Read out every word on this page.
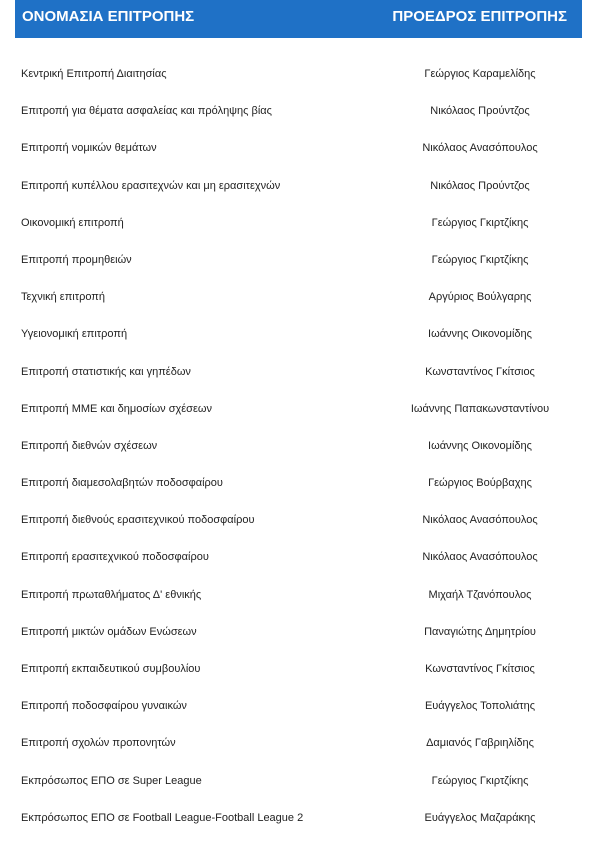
ΟΝΟΜΑΣΙΑ ΕΠΙΤΡΟΠΗΣ	ΠΡΟΕΔΡΟΣ ΕΠΙΤΡΟΠΗΣ
Κεντρική Επιτροπή Διαιτησίας	Γεώργιος Καραμελίδης
Επιτροπή για θέματα ασφαλείας και πρόληψης βίας	Νικόλαος Προύντζος
Επιτροπή νομικών θεμάτων	Νικόλαος Ανασόπουλος
Επιτροπή κυπέλλου ερασιτεχνών και μη ερασιτεχνών	Νικόλαος Προύντζος
Οικονομική επιτροπή	Γεώργιος Γκιρτζίκης
Επιτροπή προμηθειών	Γεώργιος Γκιρτζίκης
Τεχνική επιτροπή	Αργύριος Βούλγαρης
Υγειονομική επιτροπή	Ιωάννης Οικονομίδης
Επιτροπή στατιστικής και γηπέδων	Κωνσταντίνος Γκίτσιος
Επιτροπή ΜΜΕ και δημοσίων σχέσεων	Ιωάννης Παπακωνσταντίνου
Επιτροπή διεθνών σχέσεων	Ιωάννης Οικονομίδης
Επιτροπή διαμεσολαβητών ποδοσφαίρου	Γεώργιος Βούρβαχης
Επιτροπή διεθνούς ερασιτεχνικού ποδοσφαίρου	Νικόλαος Ανασόπουλος
Επιτροπή ερασιτεχνικού ποδοσφαίρου	Νικόλαος Ανασόπουλος
Επιτροπή πρωταθλήματος Δ' εθνικής	Μιχαήλ Τζανόπουλος
Επιτροπή μικτών ομάδων Ενώσεων	Παναγιώτης Δημητρίου
Επιτροπή εκπαιδευτικού συμβουλίου	Κωνσταντίνος Γκίτσιος
Επιτροπή ποδοσφαίρου γυναικών	Ευάγγελος Τοπολιάτης
Επιτροπή σχολών προπονητών	Δαμιανός Γαβριηλίδης
Εκπρόσωπος ΕΠΟ σε Super League	Γεώργιος Γκιρτζίκης
Εκπρόσωπος ΕΠΟ σε Football League-Football League 2	Ευάγγελος Μαζαράκης
